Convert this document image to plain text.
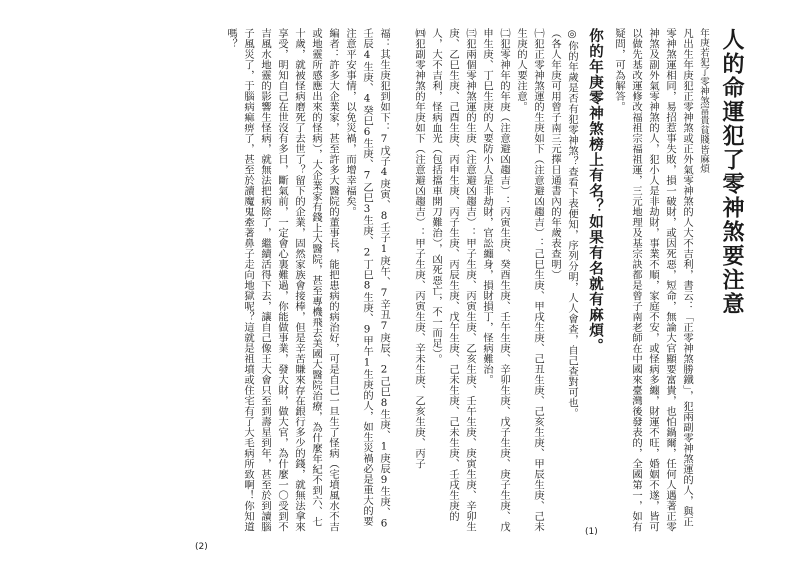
人的命運犯了零神煞要注意

年庚若犯了零神煞富貴貧賤皆麻煩

凡出生年庚犯正零神煞或正外氣零神煞的人大不吉利，書云：「正零神煞勝鐵」，犯兩副零神煞運的人，與正零神煞運相同，易招惹事失敗，損一破財，或因死惡，短命，無論大官顯要富貴，也怕鍋爾，任何人遇著正零神煞及副外氣零神煞的人，犯小人是非劫財，事業不順，家庭不安，或怪病多纏，財運不旺，婚姻不遂，皆可以做先基改運修改福祖宗福祖運，三元地理及基宗訣都是曾子南老師在中國來臺灣後發表的，全國第一，如有疑問，可為解答。

你的年庚零神煞榜上有名？如果有名就有麻煩。

◎你的年歲是否有犯零神煞？查看下表便知，序列分明，人人會查，自己查對可也。

（各人年庚可用曾子南三元擇日通書內的年歲表查明）

㈠犯正零神煞運的生庚如下（注意避凶趨吉）：己巳生庚、甲戌生庚、己丑生庚、己亥生庚、甲辰生庚、己未生庚的人要注意。

㈡犯零神年的年庚（注意避凶趨吉）：丙寅生庚、癸酉生庚、壬午生庚、辛卯生庚、戊子生庚、庚子生庚、戊申生庚、丁巳生庚的人要防小人是非劫財，官訟纏身，損財損丁，怪病難治。

㈢犯兩個零神煞運的生庚（注意避凶趨吉）：甲子生庚、丙寅生庚、乙亥生庚、壬午生庚、庚寅生庚、辛卯生庚、乙巳生庚、己酉生庚、丙申生庚、丙子生庚、丙辰生庚、戊午生庚、己未生庚、己未生庚、壬戌生庚的人，大不吉利，怪病血光（包括擋車開刀難治），凶死惡亡，不一而足）。

㈣犯副零神煞的年庚如下（注意避凶趨吉）：甲子生庚、丙寅生庚、辛未生庚、乙亥生庚、丙子

福：其生庚犯到如下：7戊子4庚寅、8壬子1庚午、7辛丑7庚辰、2己巳8生庚、1庚辰9生庚、6壬辰4生庚、4癸巳6生庚、7乙巳3生庚、2丁巳8生庚、9甲午1生庚的人，如生災禍必是重大的要注意平安事情，以免災禍，而增幸福矣。

編者：許多大企業家，甚至許多大醫院的董事長，能把患病的病治好，可是自己一旦生了怪病（宅墳風水不吉或地靈所感應出來的怪病），大企業家有錢上大醫院，甚至專機飛去美國大醫院治療，為什麼年紀不到六、七十歲，就被怪病磨死了去世了？留下的企業，固然家族會接棒，但是辛苦賺來存在銀行多少的錢，就無法拿來享受，明知自己在世沒有多日，斷氣前，一定會心裏難過，你能做事業，發大財，做大官，為什麼一〇受到不吉風水地靈的影響生怪病，就無法把病除了，繼續活得下去，讓自己像王大會只至到壽星到年，甚至於到讀腦子風災了，于腦病痲痹了，甚至於讀魔鬼牽著鼻子走向地獄呢？這就是祖墳或住宅有了大毛病所致啊！你知道嗎？

(1)
(2)
